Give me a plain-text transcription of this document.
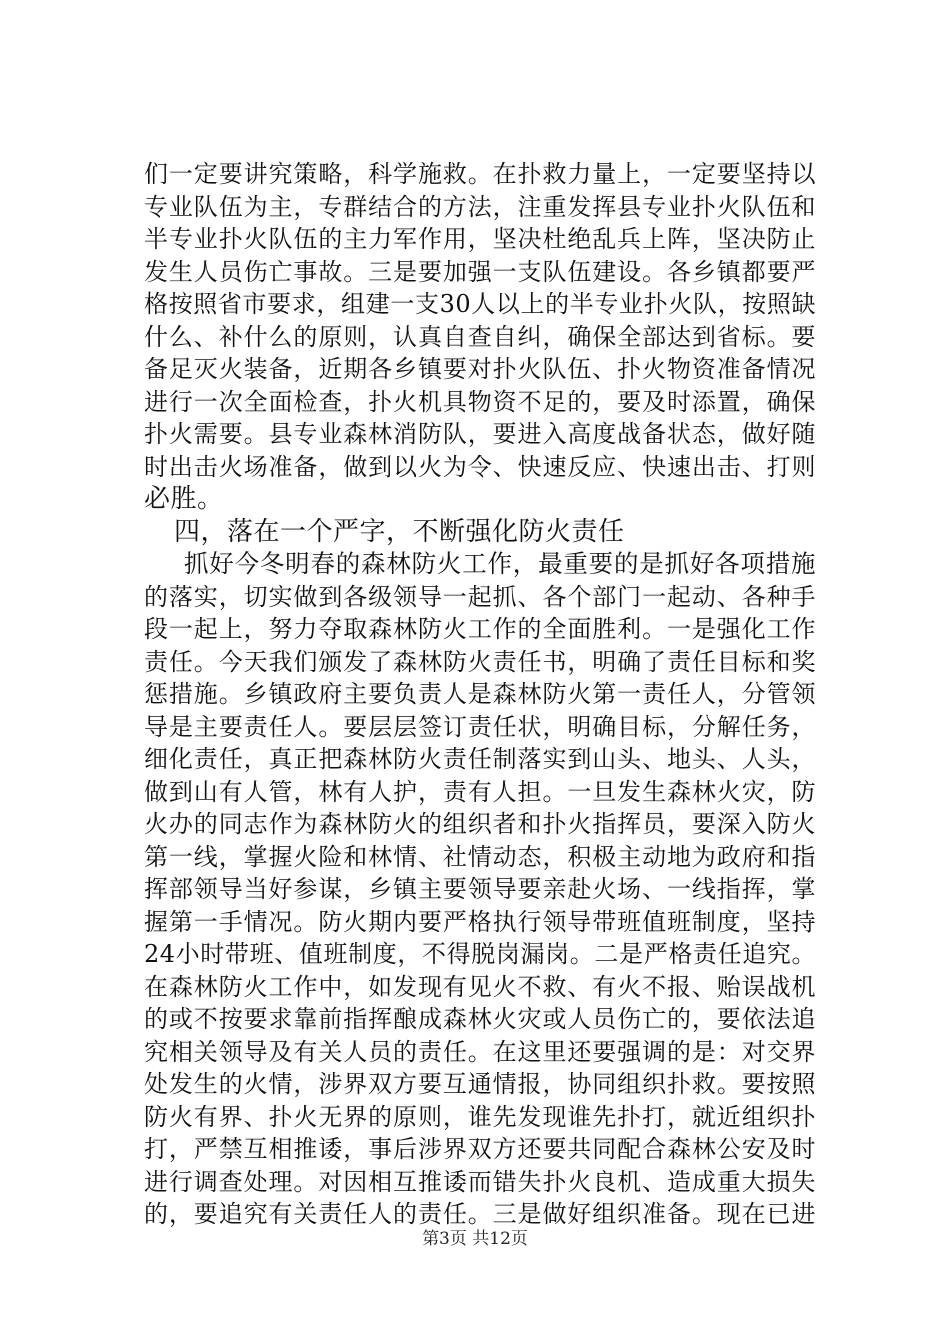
们一定要讲究策略，科学施救。在扑救力量上，一定要坚持以
专业队伍为主，专群结合的方法，注重发挥县专业扑火队伍和
半专业扑火队伍的主力军作用，坚决杜绝乱兵上阵，坚决防止
发生人员伤亡事故。三是要加强一支队伍建设。各乡镇都要严
格按照省市要求，组建一支30人以上的半专业扑火队，按照缺
什么、补什么的原则，认真自查自纠，确保全部达到省标。要
备足灭火装备，近期各乡镇要对扑火队伍、扑火物资准备情况
进行一次全面检查，扑火机具物资不足的，要及时添置，确保
扑火需要。县专业森林消防队，要进入高度战备状态，做好随
时出击火场准备，做到以火为令、快速反应、快速出击、打则
必胜。
四，落在一个严字，不断强化防火责任
抓好今冬明春的森林防火工作，最重要的是抓好各项措施
的落实，切实做到各级领导一起抓、各个部门一起动、各种手
段一起上，努力夺取森林防火工作的全面胜利。一是强化工作
责任。今天我们颁发了森林防火责任书，明确了责任目标和奖
惩措施。乡镇政府主要负责人是森林防火第一责任人，分管领
导是主要责任人。要层层签订责任状，明确目标，分解任务，
细化责任，真正把森林防火责任制落实到山头、地头、人头，
做到山有人管，林有人护，责有人担。一旦发生森林火灾，防
火办的同志作为森林防火的组织者和扑火指挥员，要深入防火
第一线，掌握火险和林情、社情动态，积极主动地为政府和指
挥部领导当好参谋，乡镇主要领导要亲赴火场、一线指挥，掌
握第一手情况。防火期内要严格执行领导带班值班制度，坚持
24小时带班、值班制度，不得脱岗漏岗。二是严格责任追究。
在森林防火工作中，如发现有见火不救、有火不报、贻误战机
的或不按要求靠前指挥酿成森林火灾或人员伤亡的，要依法追
究相关领导及有关人员的责任。在这里还要强调的是：对交界
处发生的火情，涉界双方要互通情报，协同组织扑救。要按照
防火有界、扑火无界的原则，谁先发现谁先扑打，就近组织扑
打，严禁互相推诿，事后涉界双方还要共同配合森林公安及时
进行调查处理。对因相互推诿而错失扑火良机、造成重大损失
的，要追究有关责任人的责任。三是做好组织准备。现在已进
第3页 共12页
